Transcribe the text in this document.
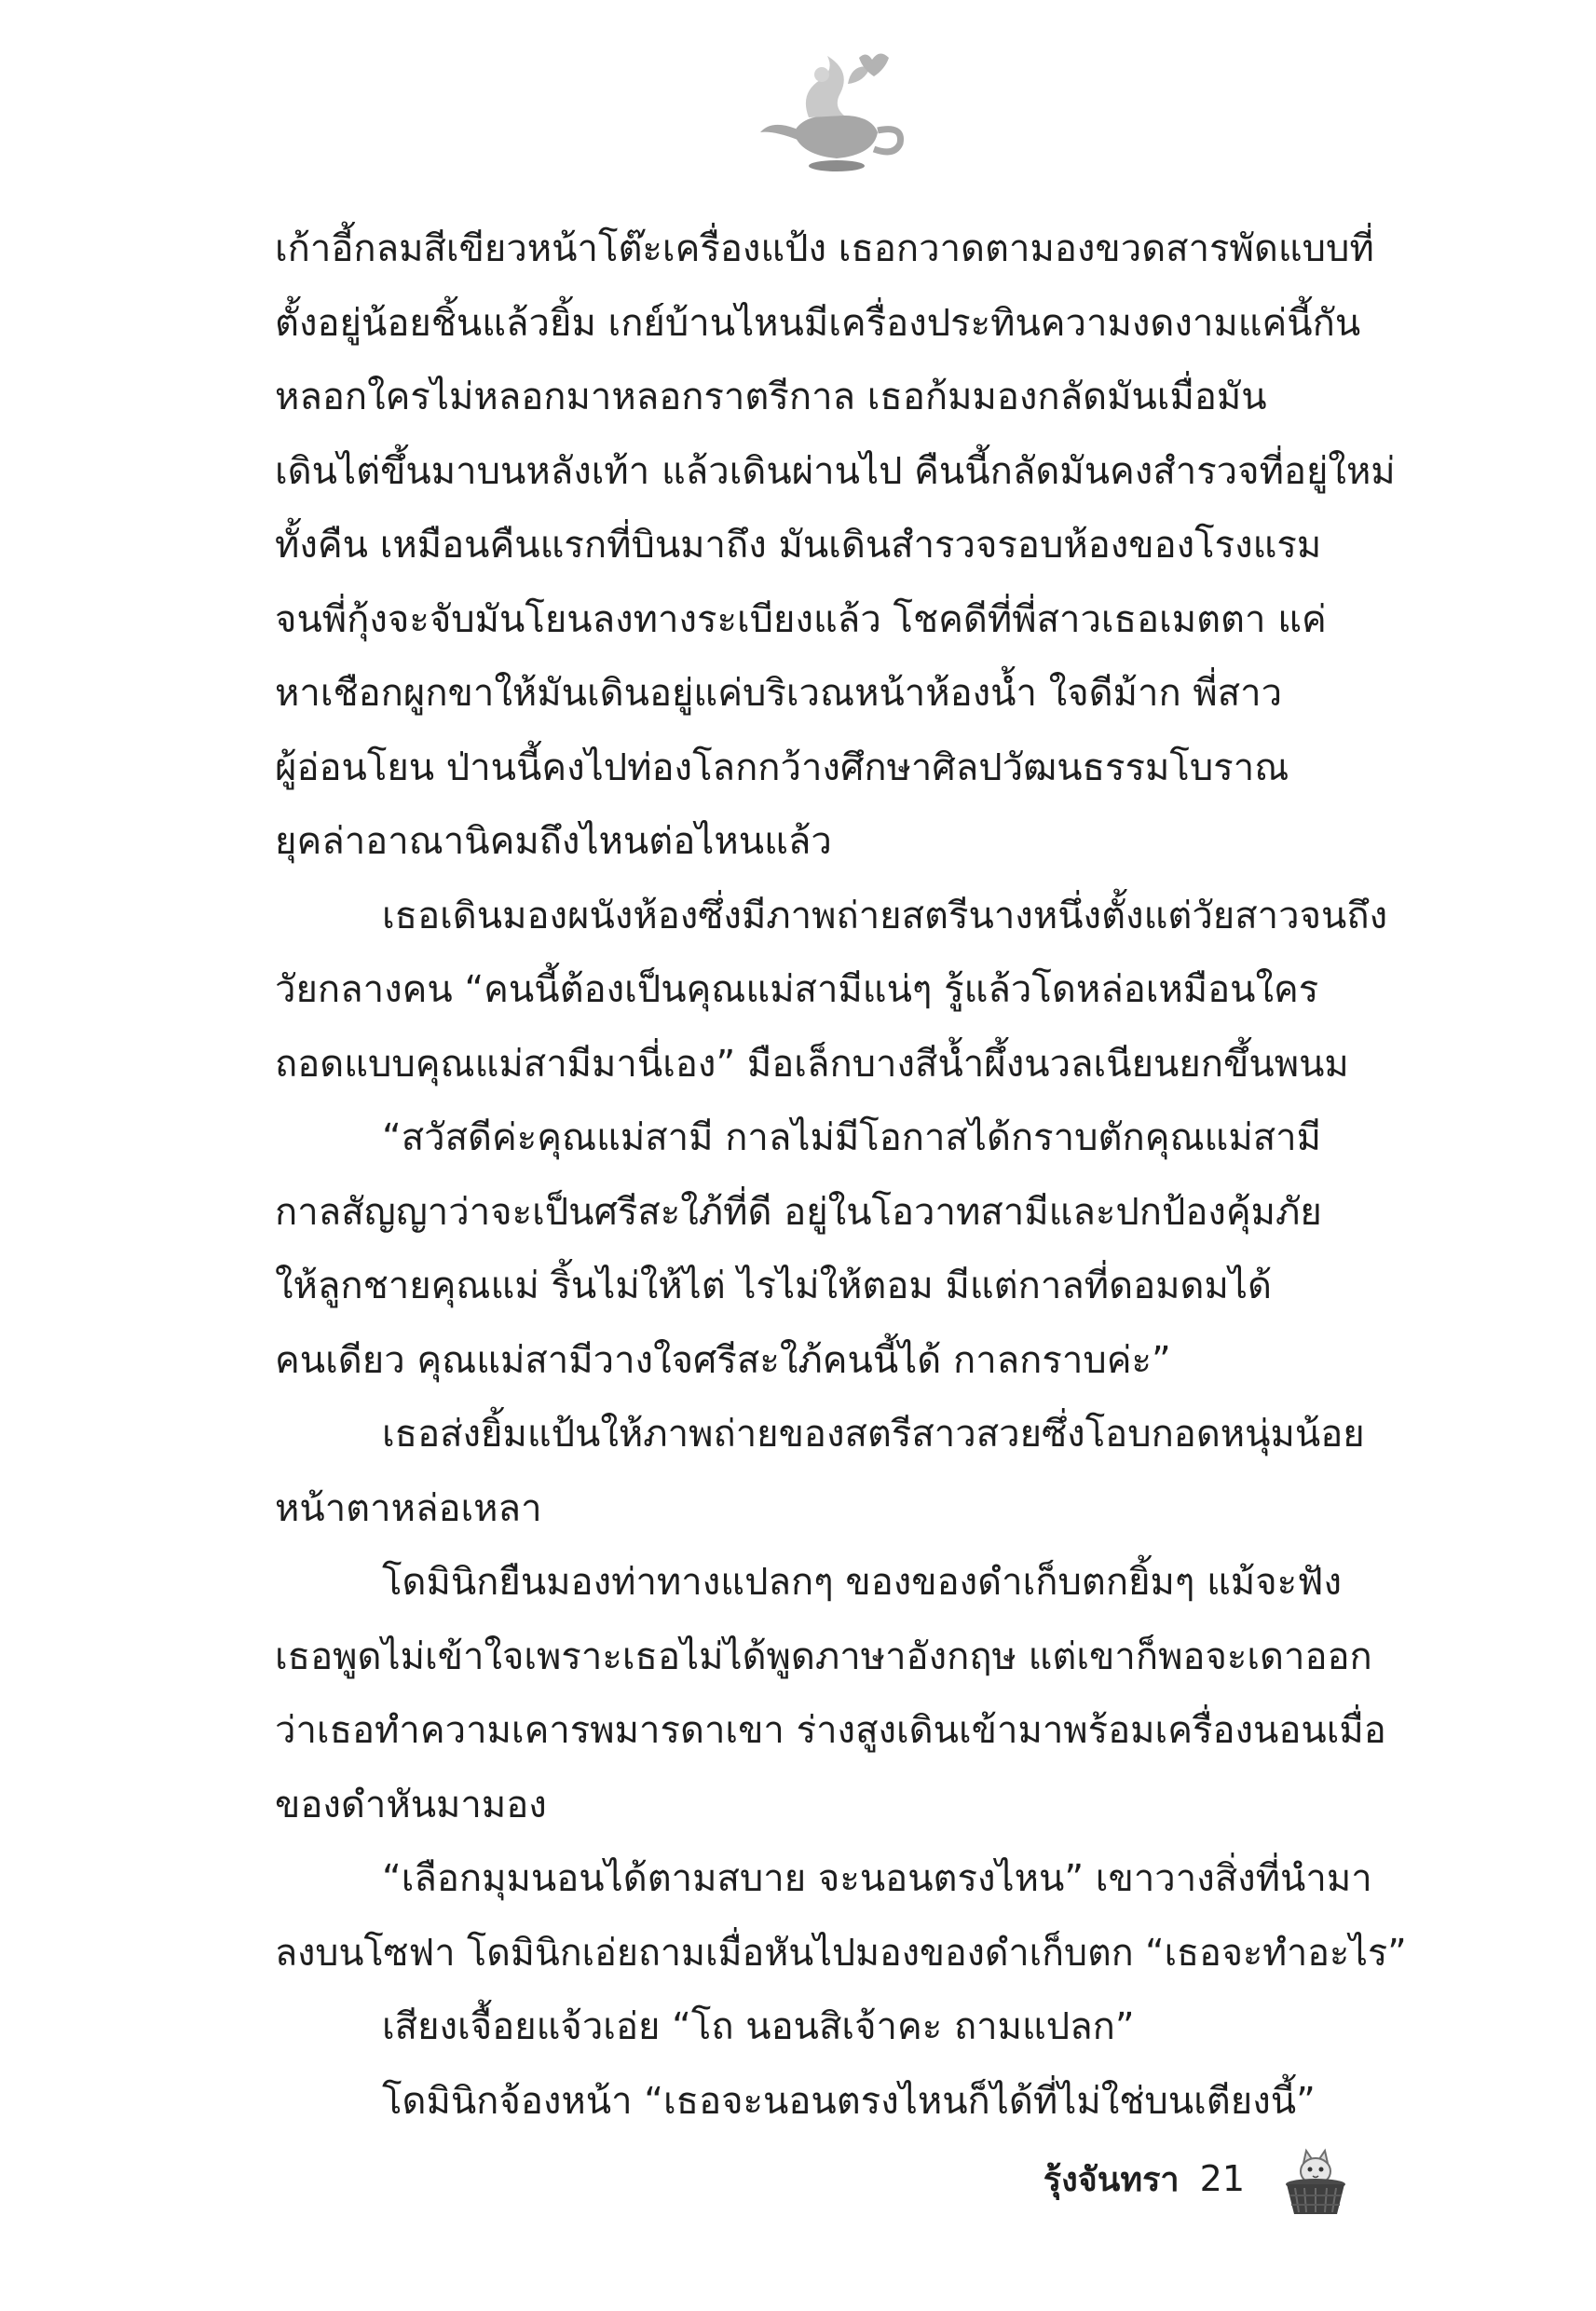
เก้าอี้กลมสีเขียวหน้าโต๊ะเครื่องแป้ง เธอกวาดตามองขวดสารพัดแบบที่
ตั้งอยู่น้อยชิ้นแล้วยิ้ม เกย์บ้านไหนมีเครื่องประทินความงดงามแค่นี้กัน
หลอกใครไม่หลอกมาหลอกราตรีกาล เธอก้มมองกลัดมันเมื่อมัน
เดินไต่ขึ้นมาบนหลังเท้า แล้วเดินผ่านไป คืนนี้กลัดมันคงสำรวจที่อยู่ใหม่
ทั้งคืน เหมือนคืนแรกที่บินมาถึง มันเดินสำรวจรอบห้องของโรงแรม
จนพี่กุ้งจะจับมันโยนลงทางระเบียงแล้ว โชคดีที่พี่สาวเธอเมตตา แค่
หาเชือกผูกขาให้มันเดินอยู่แค่บริเวณหน้าห้องน้ำ ใจดีม้าก พี่สาว
ผู้อ่อนโยน ป่านนี้คงไปท่องโลกกว้างศึกษาศิลปวัฒนธรรมโบราณ
ยุคล่าอาณานิคมถึงไหนต่อไหนแล้ว
เธอเดินมองผนังห้องซึ่งมีภาพถ่ายสตรีนางหนึ่งตั้งแต่วัยสาวจนถึง
วัยกลางคน “คนนี้ต้องเป็นคุณแม่สามีแน่ๆ รู้แล้วโดหล่อเหมือนใคร
ถอดแบบคุณแม่สามีมานี่เอง” มือเล็กบางสีน้ำผึ้งนวลเนียนยกขึ้นพนม
“สวัสดีค่ะคุณแม่สามี กาลไม่มีโอกาสได้กราบตักคุณแม่สามี
กาลสัญญาว่าจะเป็นศรีสะใภ้ที่ดี อยู่ในโอวาทสามีและปกป้องคุ้มภัย
ให้ลูกชายคุณแม่ ริ้นไม่ให้ไต่ ไรไม่ให้ตอม มีแต่กาลที่ดอมดมได้
คนเดียว คุณแม่สามีวางใจศรีสะใภ้คนนี้ได้ กาลกราบค่ะ”
เธอส่งยิ้มแป้นให้ภาพถ่ายของสตรีสาวสวยซึ่งโอบกอดหนุ่มน้อย
หน้าตาหล่อเหลา
โดมินิกยืนมองท่าทางแปลกๆ ของของดำเก็บตกยิ้มๆ แม้จะฟัง
เธอพูดไม่เข้าใจเพราะเธอไม่ได้พูดภาษาอังกฤษ แต่เขาก็พอจะเดาออก
ว่าเธอทำความเคารพมารดาเขา ร่างสูงเดินเข้ามาพร้อมเครื่องนอนเมื่อ
ของดำหันมามอง
“เลือกมุมนอนได้ตามสบาย จะนอนตรงไหน” เขาวางสิ่งที่นำมา
ลงบนโซฟา โดมินิกเอ่ยถามเมื่อหันไปมองของดำเก็บตก “เธอจะทำอะไร”
เสียงเจื้อยแจ้วเอ่ย “โถ นอนสิเจ้าคะ ถามแปลก”
โดมินิกจ้องหน้า “เธอจะนอนตรงไหนก็ได้ที่ไม่ใช่บนเตียงนี้”
รุ้งจันทรา 21
